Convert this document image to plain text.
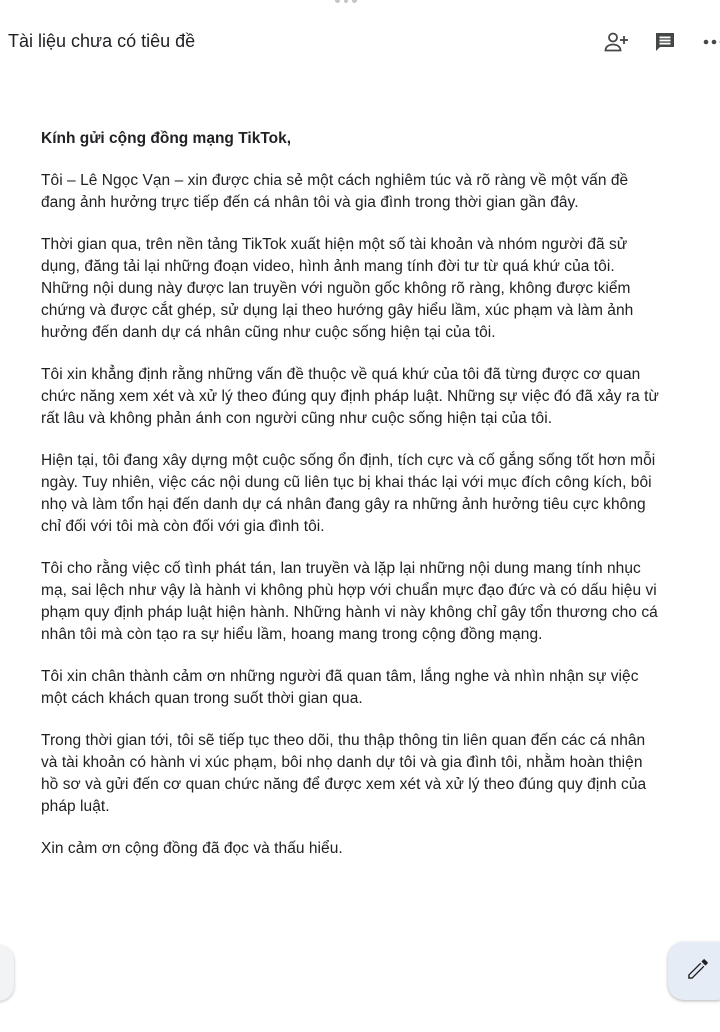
Tài liệu chưa có tiêu đề

Kính gửi cộng đồng mạng TikTok,

Tôi – Lê Ngọc Vạn – xin được chia sẻ một cách nghiêm túc và rõ ràng về một vấn đề đang ảnh hưởng trực tiếp đến cá nhân tôi và gia đình trong thời gian gần đây.

Thời gian qua, trên nền tảng TikTok xuất hiện một số tài khoản và nhóm người đã sử dụng, đăng tải lại những đoạn video, hình ảnh mang tính đời tư từ quá khứ của tôi. Những nội dung này được lan truyền với nguồn gốc không rõ ràng, không được kiểm chứng và được cắt ghép, sử dụng lại theo hướng gây hiểu lầm, xúc phạm và làm ảnh hưởng đến danh dự cá nhân cũng như cuộc sống hiện tại của tôi.

Tôi xin khẳng định rằng những vấn đề thuộc về quá khứ của tôi đã từng được cơ quan chức năng xem xét và xử lý theo đúng quy định pháp luật. Những sự việc đó đã xảy ra từ rất lâu và không phản ánh con người cũng như cuộc sống hiện tại của tôi.

Hiện tại, tôi đang xây dựng một cuộc sống ổn định, tích cực và cố gắng sống tốt hơn mỗi ngày. Tuy nhiên, việc các nội dung cũ liên tục bị khai thác lại với mục đích công kích, bôi nhọ và làm tổn hại đến danh dự cá nhân đang gây ra những ảnh hưởng tiêu cực không chỉ đối với tôi mà còn đối với gia đình tôi.

Tôi cho rằng việc cố tình phát tán, lan truyền và lặp lại những nội dung mang tính nhục mạ, sai lệch như vậy là hành vi không phù hợp với chuẩn mực đạo đức và có dấu hiệu vi phạm quy định pháp luật hiện hành. Những hành vi này không chỉ gây tổn thương cho cá nhân tôi mà còn tạo ra sự hiểu lầm, hoang mang trong cộng đồng mạng.

Tôi xin chân thành cảm ơn những người đã quan tâm, lắng nghe và nhìn nhận sự việc một cách khách quan trong suốt thời gian qua.

Trong thời gian tới, tôi sẽ tiếp tục theo dõi, thu thập thông tin liên quan đến các cá nhân và tài khoản có hành vi xúc phạm, bôi nhọ danh dự tôi và gia đình tôi, nhằm hoàn thiện hồ sơ và gửi đến cơ quan chức năng để được xem xét và xử lý theo đúng quy định của pháp luật.

Xin cảm ơn cộng đồng đã đọc và thấu hiểu.
